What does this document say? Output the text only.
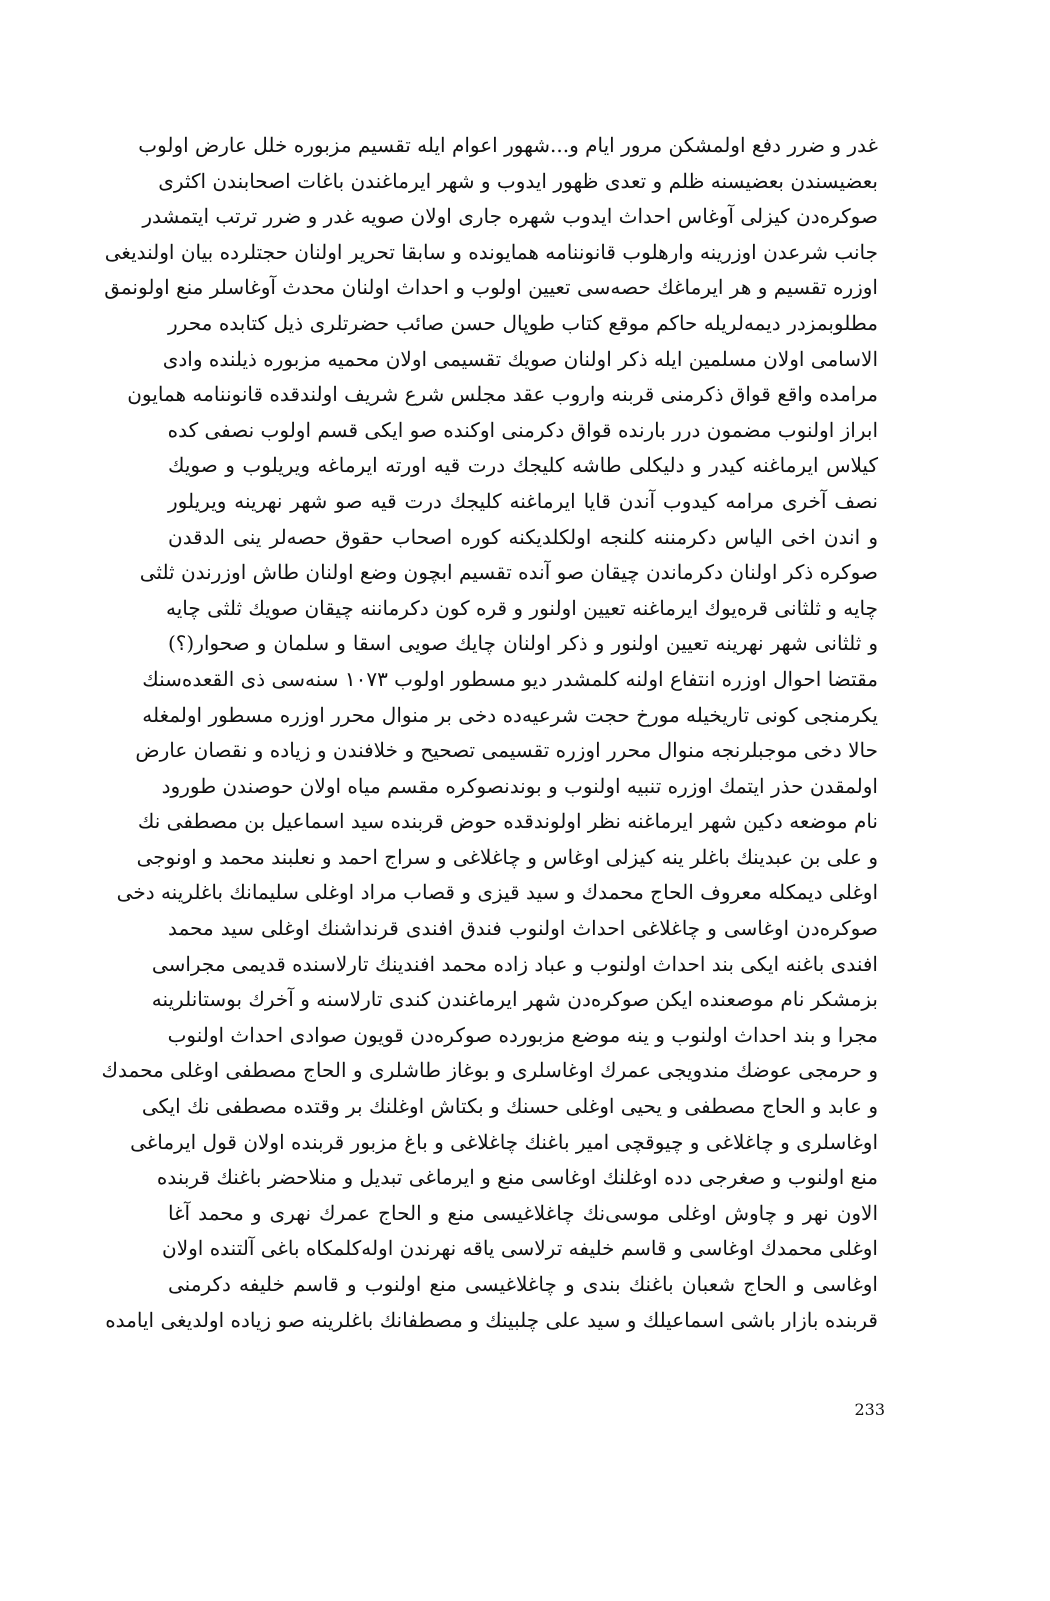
غدر و ضرر دفع اولمشکن مرور ایام و...شهور اعوام ایله تقسیم مزبوره خلل عارض اولوب
بعضیسندن بعضیسنه ظلم و تعدی ظهور ایدوب و شهر ایرماغندن باغات اصحابندن اکثری
صوکره‌دن کیزلی آوغاس احداث ایدوب شهره جاری اولان صویه غدر و ضرر ترتب ایتمشدر
جانب شرعدن اوزرینه وارهلوب قانوننامه همایونده و سابقا تحریر اولنان حجتلرده بیان اولندیغی
اوزره تقسیم و هر ایرماغك حصه‌سی تعیین اولوب و احداث اولنان محدث آوغاسلر منع اولونمق
مطلوبمزدر دیمه‌لریله حاکم موقع کتاب طوپال حسن صائب حضرتلری ذیل کتابده محرر
الاسامی اولان مسلمین ایله ذکر اولنان صویك تقسیمی اولان محمیه مزبوره ذیلنده وادی
مرامده واقع قواق ذکرمنی قربنه واروب عقد مجلس شرع شریف اولندقده قانوننامه همایون
ابراز اولنوب مضمون درر بارنده قواق دکرمنی اوکنده صو ایکی قسم اولوب نصفی کده
کیلاس ایرماغنه کیدر و دلیکلی طاشه کلیجك درت قیه اورته ایرماغه ویریلوب و صویك
نصف آخری مرامه کیدوب آندن قایا ایرماغنه کلیجك درت قیه صو شهر نهرینه ویریلور
و اندن اخی الیاس دکرمننه کلنجه اولکلدیکنه کوره اصحاب حقوق حصه‌لر ینی الدقدن
صوکره ذکر اولنان دکرماندن چیقان صو آنده تقسیم ابچون وضع اولنان طاش اوزرندن ثلثی
چایه و ثلثانی قره‌یوك ایرماغنه تعیین اولنور و قره کون دکرماننه چیقان صویك ثلثی چایه
و ثلثانی شهر نهرینه تعیین اولنور و ذکر اولنان چایك صویی اسقا و سلمان و صحوار(؟)
مقتضا احوال اوزره انتفاع اولنه کلمشدر دیو مسطور اولوب ۱۰۷۳ سنه‌سی ذی القعده‌سنك
یکرمنجی کونی تاریخیله مورخ حجت شرعیه‌ده دخی بر منوال محرر اوزره مسطور اولمغله
حالا دخی موجبلرنجه منوال محرر اوزره تقسیمی تصحیح و خلافندن و زیاده و نقصان عارض
اولمقدن حذر ایتمك اوزره تنبیه اولنوب و بوندنصوکره مقسم میاه اولان حوصندن طورود
نام موضعه دکین شهر ایرماغنه نظر اولوندقده حوض قربنده سید اسماعیل بن مصطفی نك
و علی بن عبدینك باغلر ینه کیزلی اوغاس و چاغلاغی و سراج احمد و نعلبند محمد و اونوجی
اوغلی دیمکله معروف الحاج محمدك و سید قیزی و قصاب مراد اوغلی سلیمانك باغلرینه دخی
صوکره‌دن اوغاسی و چاغلاغی احداث اولنوب فندق افندی قرنداشنك اوغلی سید محمد
افندی باغنه ایکی بند احداث اولنوب و عباد زاده محمد افندینك تارلاسنده قدیمی مجراسی
بزمشکر نام موصعنده ایکن صوکره‌دن شهر ایرماغندن کندی تارلاسنه و آخرك بوستانلرینه
مجرا و بند احداث اولنوب و ینه موضع مزبورده صوکره‌دن قویون صوادی احداث اولنوب
و حرمجی عوضك مندویجی عمرك اوغاسلری و بوغاز طاشلری و الحاج مصطفی اوغلی محمدك
و عابد و الحاج مصطفی و یحیی اوغلی حسنك و بکتاش اوغلنك بر وقتده مصطفی نك ایکی
اوغاسلری و چاغلاغی و چیوقچی امیر باغنك چاغلاغی و باغ مزبور قربنده اولان قول ایرماغی
منع اولنوب و صغرجی دده اوغلنك اوغاسی منع و ایرماغی تبدیل و منلاحضر باغنك قربنده
الاون نهر و چاوش اوغلی موسی‌نك چاغلاغیسی منع و الحاج عمرك نهری و محمد آغا
اوغلی محمدك اوغاسی و قاسم خلیفه ترلاسی یاقه نهرندن اوله‌کلمکاه باغی آلتنده اولان
اوغاسی و الحاج شعبان باغنك بندی و چاغلاغیسی منع اولنوب و قاسم خلیفه دکرمنی
قربنده بازار باشی اسماعیلك و سید علی چلبینك و مصطفانك باغلرینه صو زیاده اولدیغی ایامده
233
